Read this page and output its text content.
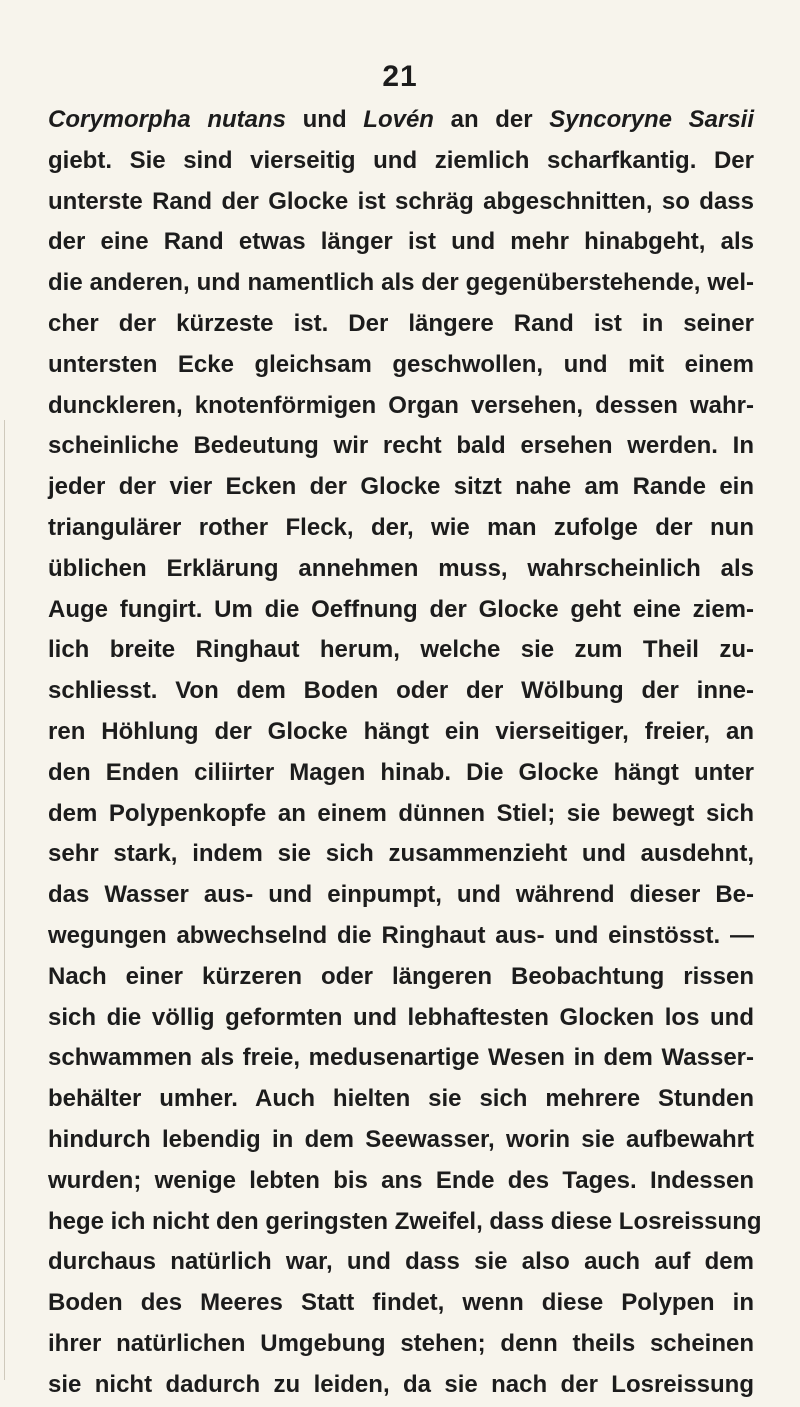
21
Corymorpha nutans und Lovén an der Syncoryne Sarsii
giebt. Sie sind vierseitig und ziemlich scharfkantig. Der
unterste Rand der Glocke ist schräg abgeschnitten, so dass
der eine Rand etwas länger ist und mehr hinabgeht, als
die anderen, und namentlich als der gegenüberstehende, wel-
cher der kürzeste ist. Der längere Rand ist in seiner
untersten Ecke gleichsam geschwollen, und mit einem
dunckleren, knotenförmigen Organ versehen, dessen wahr-
scheinliche Bedeutung wir recht bald ersehen werden. In
jeder der vier Ecken der Glocke sitzt nahe am Rande ein
triangulärer rother Fleck, der, wie man zufolge der nun
üblichen Erklärung annehmen muss, wahrscheinlich als
Auge fungirt. Um die Oeffnung der Glocke geht eine ziem-
lich breite Ringhaut herum, welche sie zum Theil zu-
schliesst. Von dem Boden oder der Wölbung der inne-
ren Höhlung der Glocke hängt ein vierseitiger, freier, an
den Enden ciliirter Magen hinab. Die Glocke hängt unter
dem Polypenkopfe an einem dünnen Stiel; sie bewegt sich
sehr stark, indem sie sich zusammenzieht und ausdehnt,
das Wasser aus- und einpumpt, und während dieser Be-
wegungen abwechselnd die Ringhaut aus- und einstösst. —
Nach einer kürzeren oder längeren Beobachtung rissen
sich die völlig geformten und lebhaftesten Glocken los und
schwammen als freie, medusenartige Wesen in dem Wasser-
behälter umher. Auch hielten sie sich mehrere Stunden
hindurch lebendig in dem Seewasser, worin sie aufbewahrt
wurden; wenige lebten bis ans Ende des Tages. Indessen
hege ich nicht den geringsten Zweifel, dass diese Losreissung
durchaus natürlich war, und dass sie also auch auf dem
Boden des Meeres Statt findet, wenn diese Polypen in
ihrer natürlichen Umgebung stehen; denn theils scheinen
sie nicht dadurch zu leiden, da sie nach der Losreissung
